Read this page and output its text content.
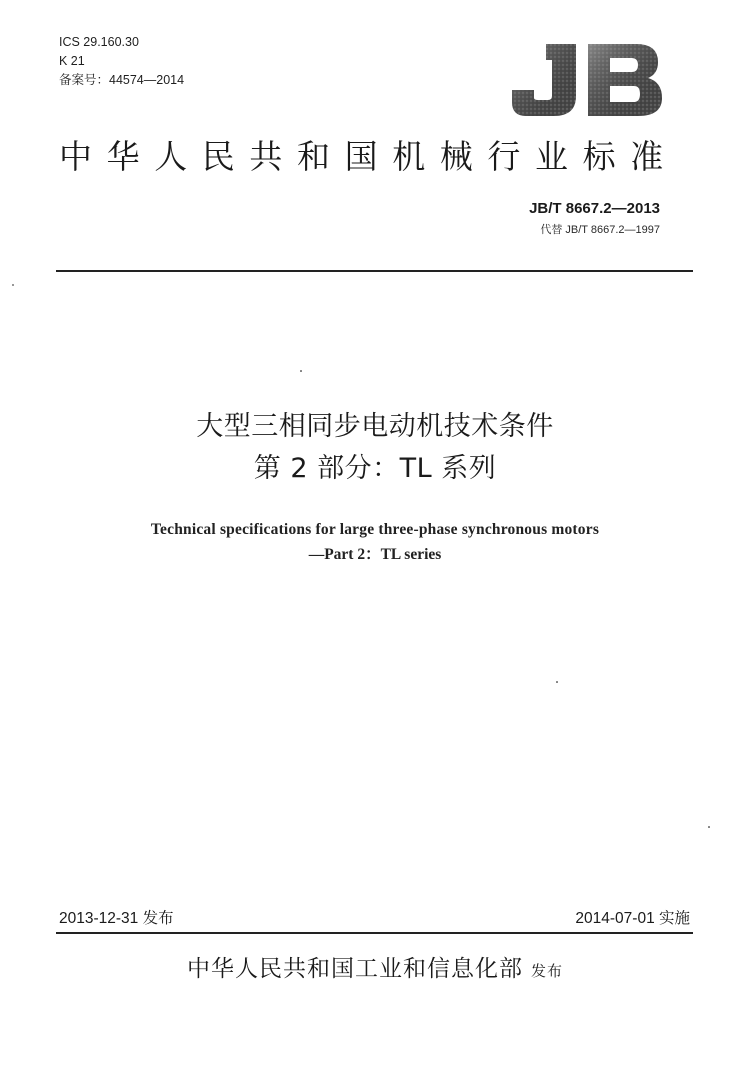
ICS 29.160.30
K 21
备案号：44574—2014
中华人民共和国机械行业标准
JB/T 8667.2—2013
代替 JB/T 8667.2—1997
大型三相同步电动机技术条件
第 2 部分：TL 系列
Technical specifications for large three-phase synchronous motors
—Part 2：TL series
2013-12-31 发布	2014-07-01 实施
中华人民共和国工业和信息化部 发布
